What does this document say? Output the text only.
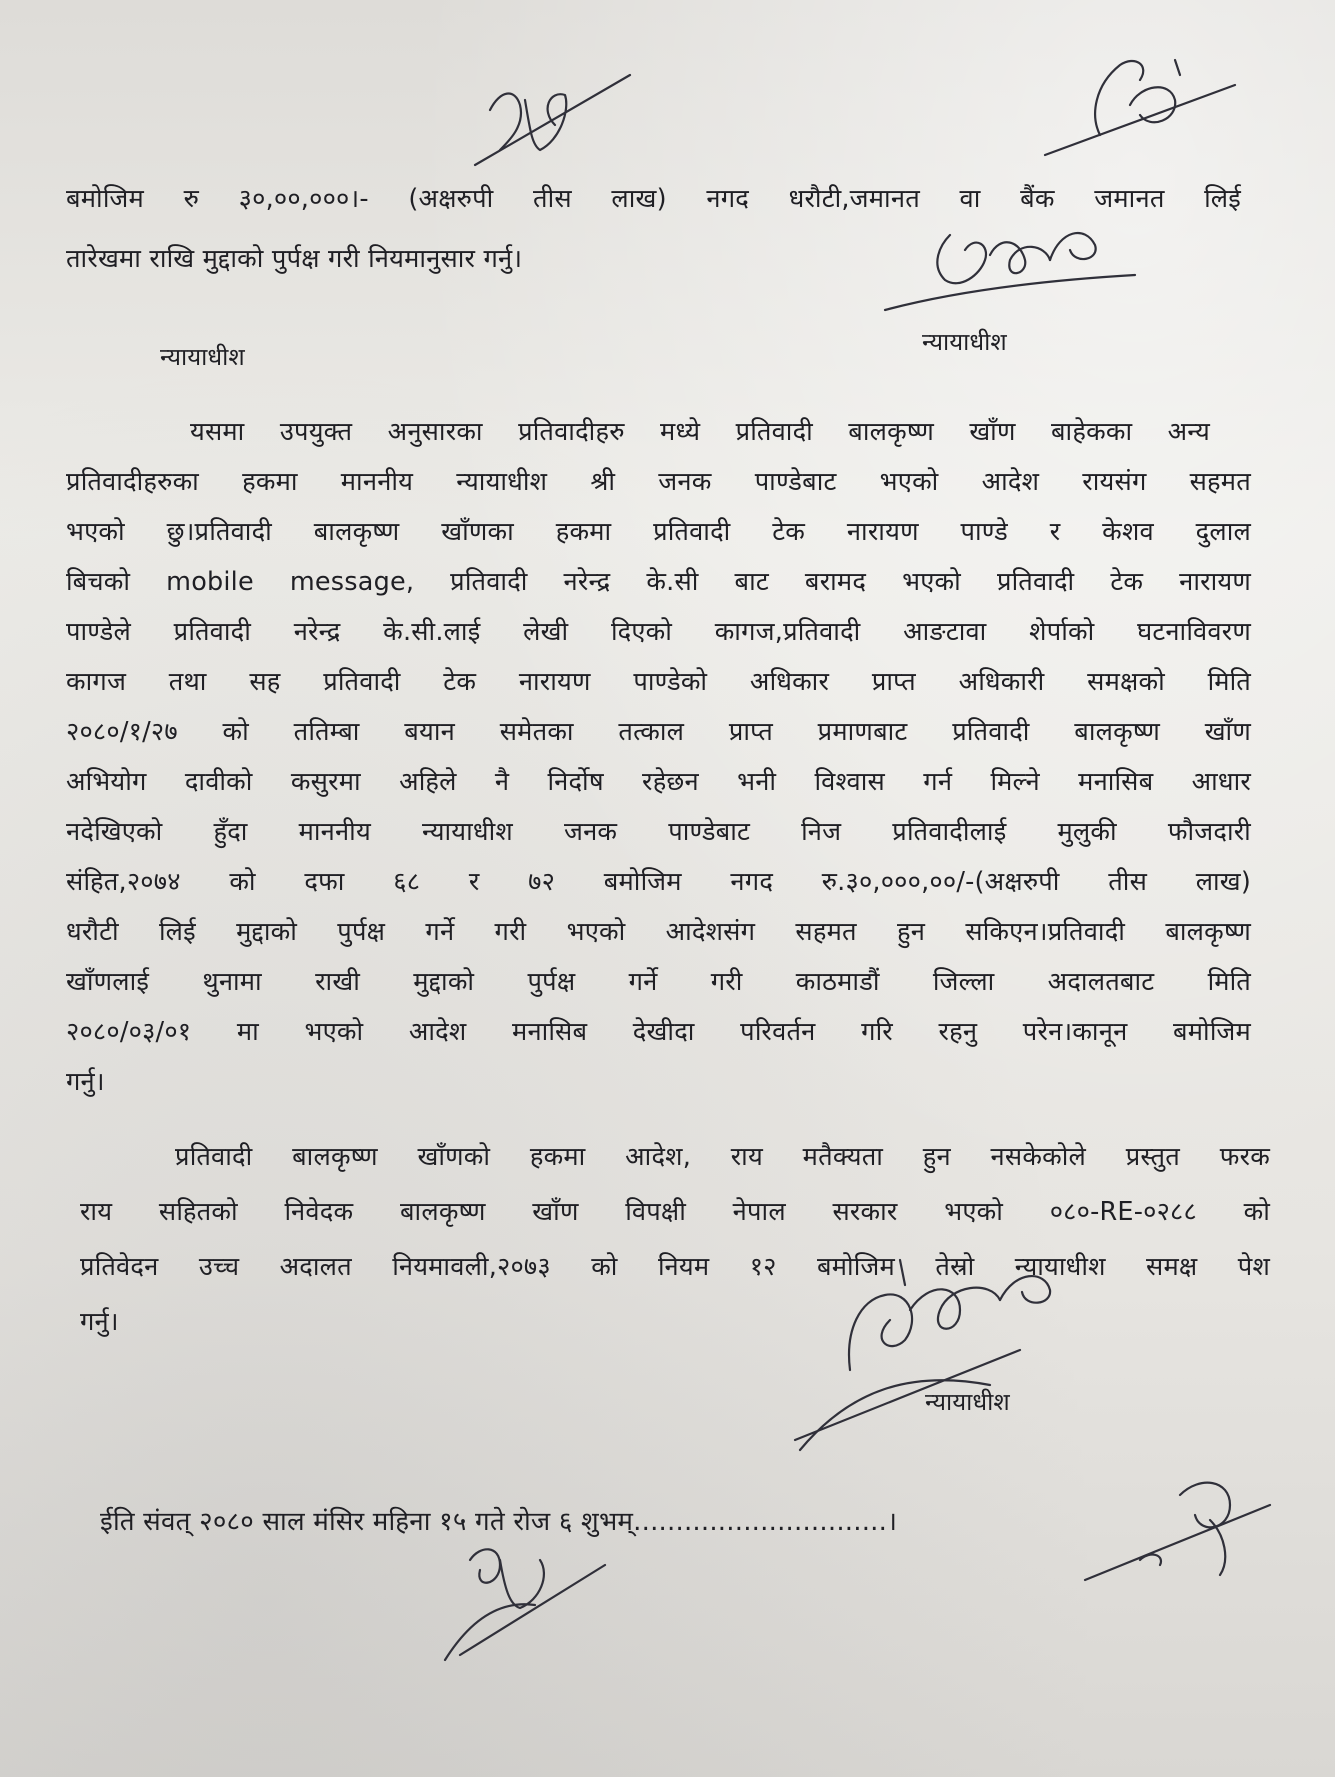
बमोजिम रु ३०,००,०००।- (अक्षरुपी तीस लाख) नगद धरौटी,जमानत वा बैंक जमानत लिई
तारेखमा राखि मुद्दाको पुर्पक्ष गरी नियमानुसार गर्नु।
न्यायाधीश
न्यायाधीश
यसमा उपयुक्त अनुसारका प्रतिवादीहरु मध्ये प्रतिवादी बालकृष्ण खाँण बाहेकका अन्य
प्रतिवादीहरुका हकमा माननीय न्यायाधीश श्री जनक पाण्डेबाट भएको आदेश रायसंग सहमत
भएको छु।प्रतिवादी बालकृष्ण खाँणका हकमा प्रतिवादी टेक नारायण पाण्डे र केशव दुलाल
बिचको mobile message, प्रतिवादी नरेन्द्र के.सी बाट बरामद भएको प्रतिवादी टेक नारायण
पाण्डेले प्रतिवादी नरेन्द्र के.सी.लाई लेखी दिएको कागज,प्रतिवादी आङटावा शेर्पाको घटनाविवरण
कागज तथा सह प्रतिवादी टेक नारायण पाण्डेको अधिकार प्राप्त अधिकारी समक्षको मिति
२०८०/१/२७ को ततिम्बा बयान समेतका तत्काल प्राप्त प्रमाणबाट प्रतिवादी बालकृष्ण खाँण
अभियोग दावीको कसुरमा अहिले नै निर्दोष रहेछन भनी विश्वास गर्न मिल्ने मनासिब आधार
नदेखिएको हुँदा माननीय न्यायाधीश जनक पाण्डेबाट निज प्रतिवादीलाई मुलुकी फौजदारी
संहित,२०७४ को दफा ६८ र ७२ बमोजिम नगद रु.३०,०००,००/-(अक्षरुपी तीस लाख)
धरौटी लिई मुद्दाको पुर्पक्ष गर्ने गरी भएको आदेशसंग सहमत हुन सकिएन।प्रतिवादी बालकृष्ण
खाँणलाई थुनामा राखी मुद्दाको पुर्पक्ष गर्ने गरी काठमाडौं जिल्ला अदालतबाट मिति
२०८०/०३/०१ मा भएको आदेश मनासिब देखीदा परिवर्तन गरि रहनु परेन।कानून बमोजिम
गर्नु।
प्रतिवादी बालकृष्ण खाँणको हकमा आदेश, राय मतैक्यता हुन नसकेकोले प्रस्तुत फरक
राय सहितको निवेदक बालकृष्ण खाँण विपक्षी नेपाल सरकार भएको ०८०-RE-०२८८ को
प्रतिवेदन उच्च अदालत नियमावली,२०७३ को नियम १२ बमोजिम तेस्रो न्यायाधीश समक्ष पेश
गर्नु।
न्यायाधीश
ईति संवत् २०८० साल मंसिर महिना १५ गते रोज ६ शुभम्..............................।
